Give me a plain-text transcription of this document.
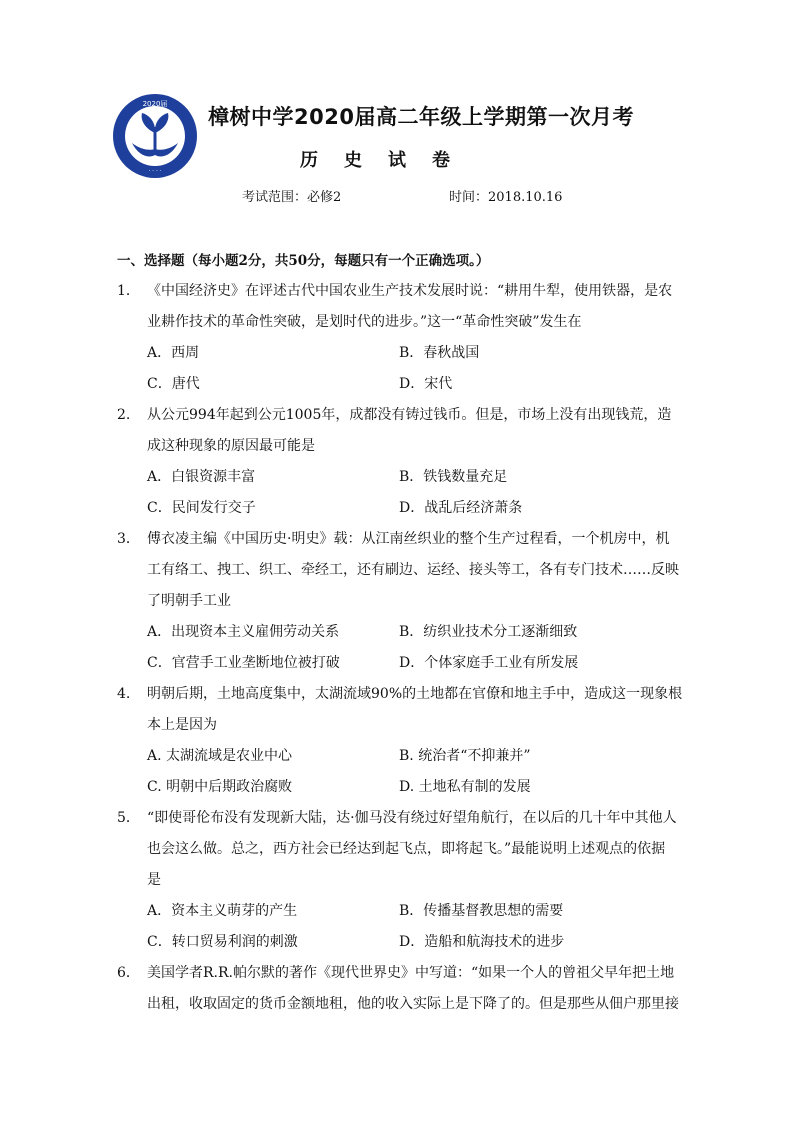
2020届
· · · ·
樟树中学2020届高二年级上学期第一次月考
历史试卷
考试范围：必修2	时间：2018.10.16
一、选择题（每小题2分，共50分，每题只有一个正确选项。）
1． 《中国经济史》在评述古代中国农业生产技术发展时说：“耕用牛犁，使用铁器，是农
业耕作技术的革命性突破，是划时代的进步。”这一“革命性突破”发生在
A．西周	B．春秋战国
C．唐代	D．宋代
2. 从公元994年起到公元1005年，成都没有铸过钱币。但是，市场上没有出现钱荒，造
成这种现象的原因最可能是
A．白银资源丰富	B．铁钱数量充足
C．民间发行交子	D．战乱后经济萧条
3． 傅衣凌主编《中国历史·明史》载：从江南丝织业的整个生产过程看，一个机房中，机
工有络工、拽工、织工、牵经工，还有刷边、运经、接头等工，各有专门技术……反映
了明朝手工业
A．出现资本主义雇佣劳动关系	B．纺织业技术分工逐渐细致
C．官营手工业垄断地位被打破	D．个体家庭手工业有所发展
4. 明朝后期，土地高度集中，太湖流域90%的土地都在官僚和地主手中，造成这一现象根
本上是因为
A. 太湖流域是农业中心	B. 统治者“不抑兼并”
C. 明朝中后期政治腐败	D. 土地私有制的发展
5． “即使哥伦布没有发现新大陆，达·伽马没有绕过好望角航行，在以后的几十年中其他人
也会这么做。总之，西方社会已经达到起飞点，即将起飞。”最能说明上述观点的依据
是
A．资本主义萌芽的产生	B．传播基督教思想的需要
C．转口贸易利润的刺激	D．造船和航海技术的进步
6． 美国学者R.R.帕尔默的著作《现代世界史》中写道：“如果一个人的曾祖父早年把土地
出租，收取固定的货币金额地租，他的收入实际上是下降了的。但是那些从佃户那里接
